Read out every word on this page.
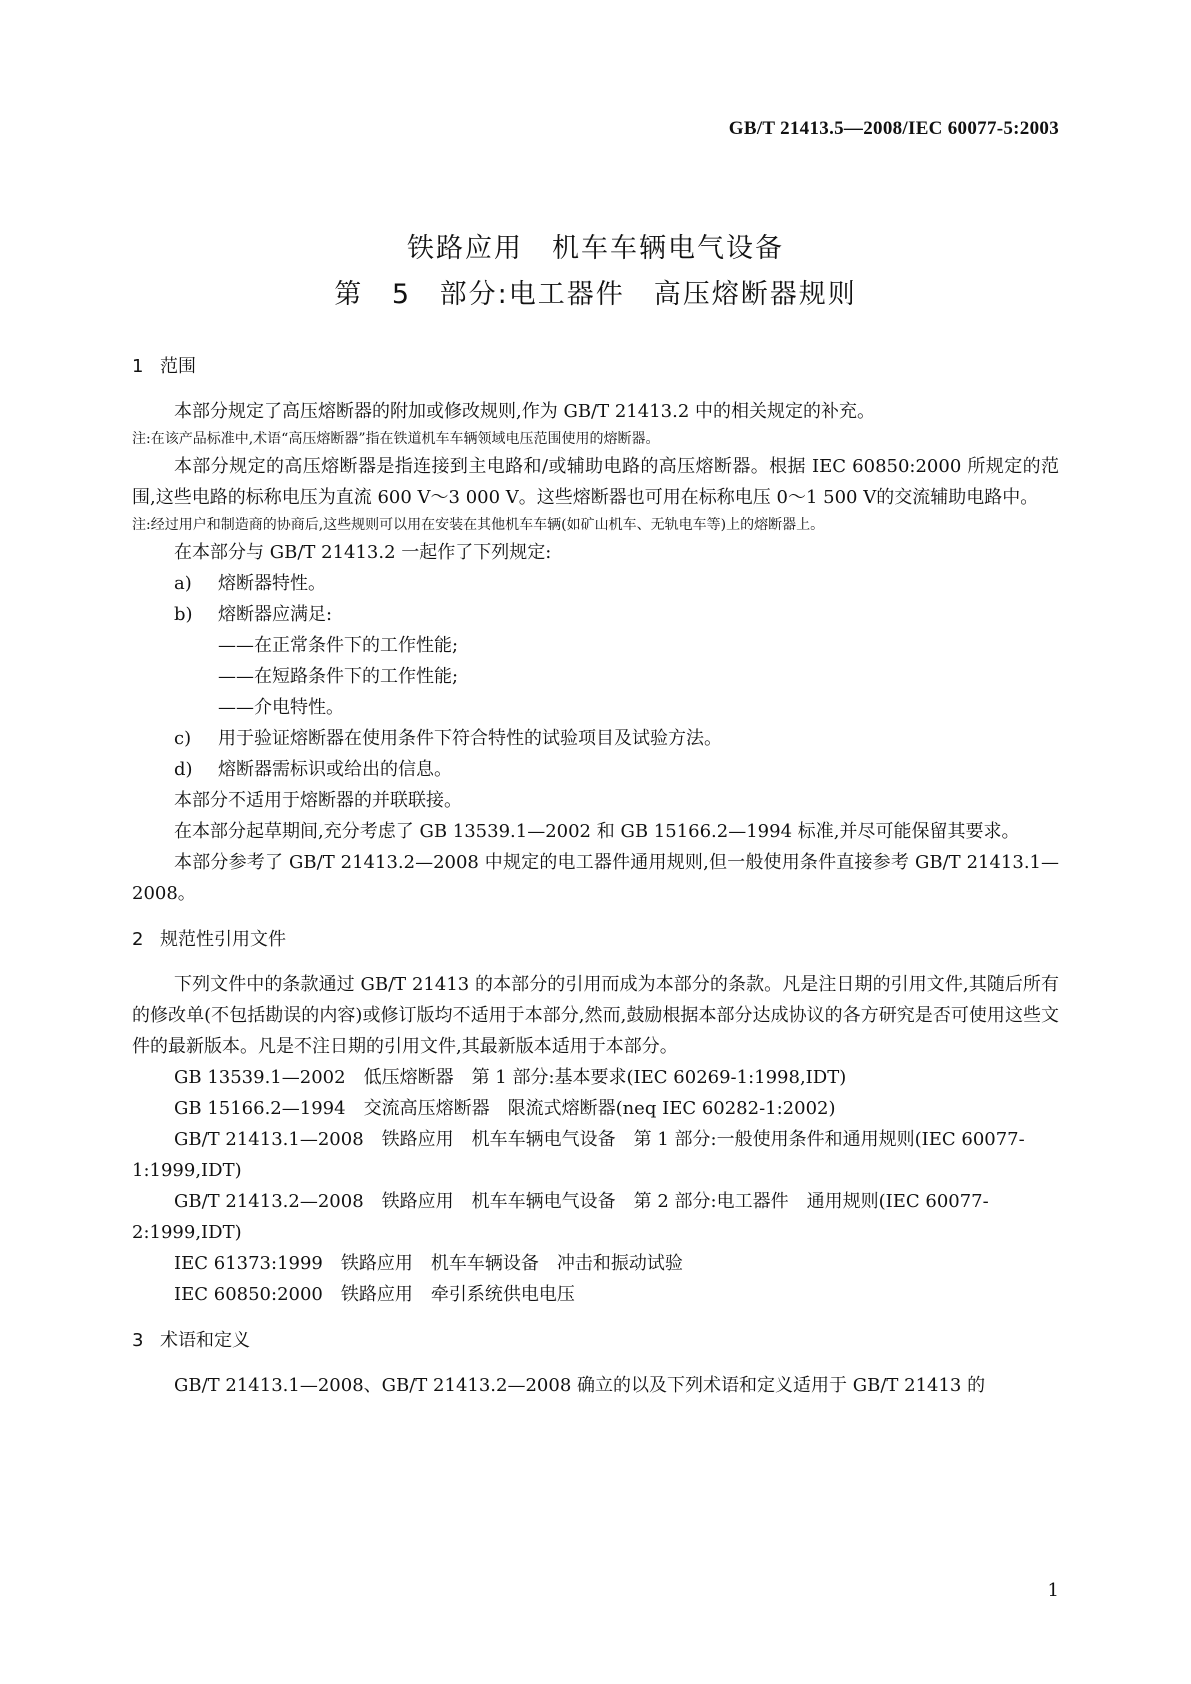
GB/T 21413.5—2008/IEC 60077-5:2003
铁路应用　机车车辆电气设备
第 5 部分:电工器件　高压熔断器规则
1 范围

本部分规定了高压熔断器的附加或修改规则,作为 GB/T 21413.2 中的相关规定的补充。

注:在该产品标准中,术语“高压熔断器”指在铁道机车车辆领域电压范围使用的熔断器。

本部分规定的高压熔断器是指连接到主电路和/或辅助电路的高压熔断器。根据 IEC 60850:2000 所规定的范围,这些电路的标称电压为直流 600 V～3 000 V。这些熔断器也可用在标称电压 0～1 500 V的交流辅助电路中。

注:经过用户和制造商的协商后,这些规则可以用在安装在其他机车车辆(如矿山机车、无轨电车等)上的熔断器上。

在本部分与 GB/T 21413.2 一起作了下列规定:

a)	熔断器特性。
b)	熔断器应满足:
——在正常条件下的工作性能;
——在短路条件下的工作性能;
——介电特性。
c)	用于验证熔断器在使用条件下符合特性的试验项目及试验方法。
d)	熔断器需标识或给出的信息。

本部分不适用于熔断器的并联联接。

在本部分起草期间,充分考虑了 GB 13539.1—2002 和 GB 15166.2—1994 标准,并尽可能保留其要求。

本部分参考了 GB/T 21413.2—2008 中规定的电工器件通用规则,但一般使用条件直接参考 GB/T 21413.1—2008。

2 规范性引用文件

下列文件中的条款通过 GB/T 21413 的本部分的引用而成为本部分的条款。凡是注日期的引用文件,其随后所有的修改单(不包括勘误的内容)或修订版均不适用于本部分,然而,鼓励根据本部分达成协议的各方研究是否可使用这些文件的最新版本。凡是不注日期的引用文件,其最新版本适用于本部分。

GB 13539.1—2002　低压熔断器　第 1 部分:基本要求(IEC 60269-1:1998,IDT)

GB 15166.2—1994　交流高压熔断器　限流式熔断器(neq IEC 60282-1:2002)

GB/T 21413.1—2008　铁路应用　机车车辆电气设备　第 1 部分:一般使用条件和通用规则(IEC 60077-1:1999,IDT)

GB/T 21413.2—2008　铁路应用　机车车辆电气设备　第 2 部分:电工器件　通用规则(IEC 60077-2:1999,IDT)

IEC 61373:1999　铁路应用　机车车辆设备　冲击和振动试验

IEC 60850:2000　铁路应用　牵引系统供电电压

3 术语和定义

GB/T 21413.1—2008、GB/T 21413.2—2008 确立的以及下列术语和定义适用于 GB/T 21413 的

1
